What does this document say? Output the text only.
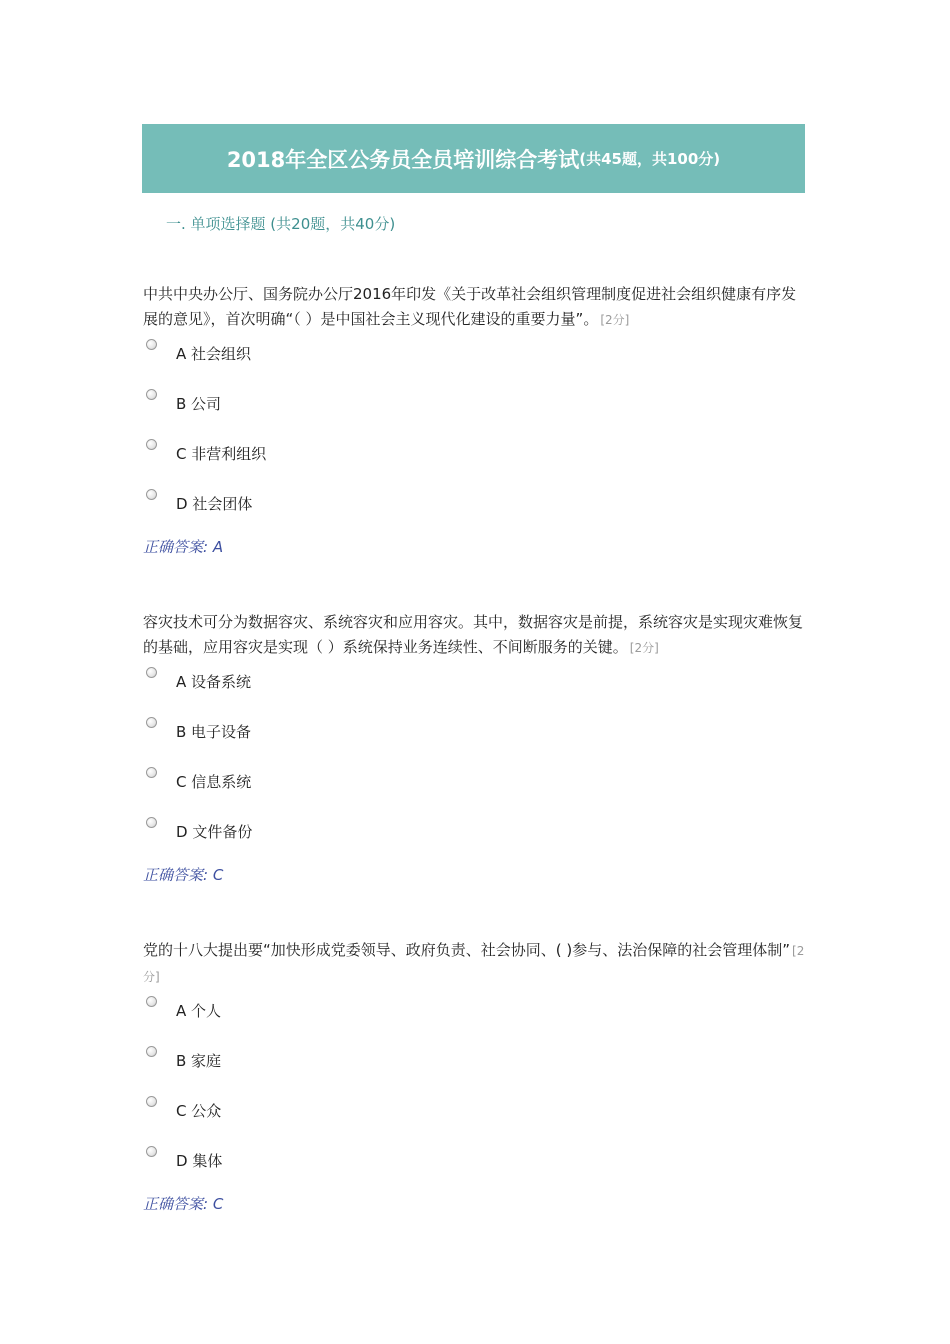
2018年全区公务员全员培训综合考试 (共45题，共100分)
一. 单项选择题 (共20题，共40分)

中共中央办公厅、国务院办公厅2016年印发《关于改革社会组织管理制度促进社会组织健康有序发展的意见》，首次明确“（ ）是中国社会主义现代化建设的重要力量”。 [2分]

A 社会组织
B 公司
C 非营利组织
D 社会团体
正确答案: A

容灾技术可分为数据容灾、系统容灾和应用容灾。其中，数据容灾是前提，系统容灾是实现灾难恢复的基础，应用容灾是实现（ ）系统保持业务连续性、不间断服务的关键。 [2分]

A 设备系统
B 电子设备
C 信息系统
D 文件备份
正确答案: C

党的十八大提出要“加快形成党委领导、政府负责、社会协同、( )参与、法治保障的社会管理体制” [2分]

A 个人
B 家庭
C 公众
D 集体
正确答案: C
